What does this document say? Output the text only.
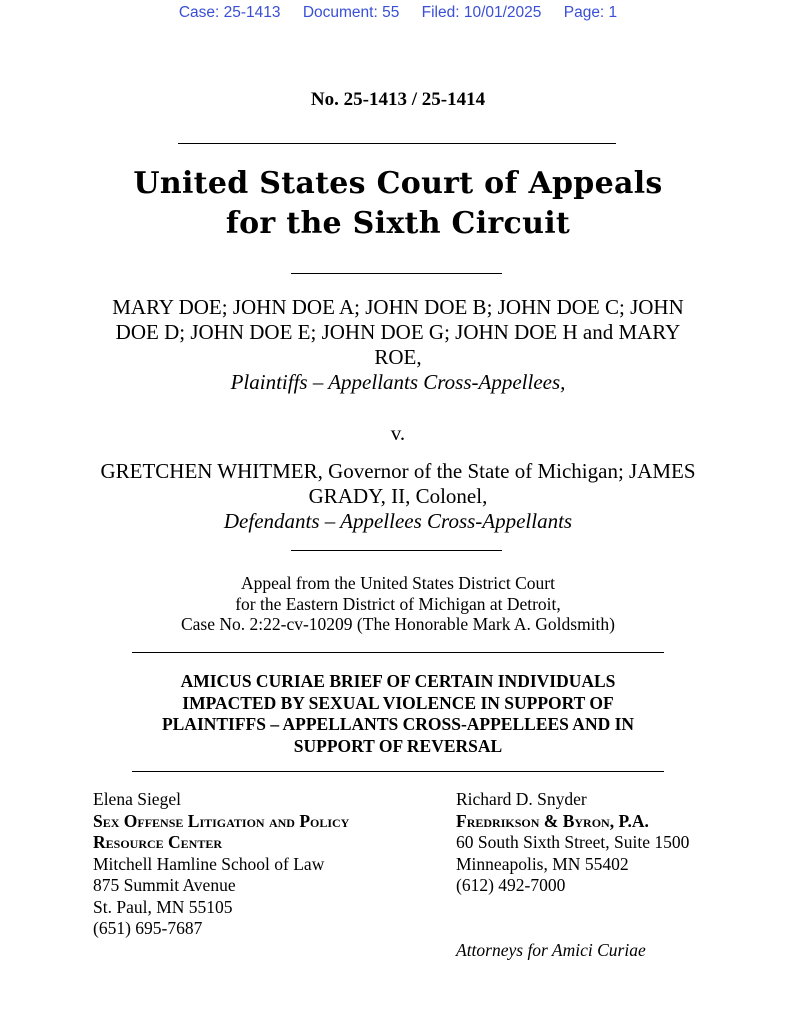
Case: 25-1413 Document: 55 Filed: 10/01/2025 Page: 1
No. 25-1413 / 25-1414
United States Court of Appeals
for the Sixth Circuit
MARY DOE; JOHN DOE A; JOHN DOE B; JOHN DOE C; JOHN
DOE D; JOHN DOE E; JOHN DOE G; JOHN DOE H and MARY
ROE,
Plaintiffs – Appellants Cross-Appellees,
v.
GRETCHEN WHITMER, Governor of the State of Michigan; JAMES
GRADY, II, Colonel,
Defendants – Appellees Cross-Appellants
Appeal from the United States District Court
for the Eastern District of Michigan at Detroit,
Case No. 2:22-cv-10209 (The Honorable Mark A. Goldsmith)
AMICUS CURIAE BRIEF OF CERTAIN INDIVIDUALS
IMPACTED BY SEXUAL VIOLENCE IN SUPPORT OF
PLAINTIFFS – APPELLANTS CROSS-APPELLEES AND IN
SUPPORT OF REVERSAL
Elena Siegel
Sex Offense Litigation and Policy
Resource Center
Mitchell Hamline School of Law
875 Summit Avenue
St. Paul, MN 55105
(651) 695-7687
Richard D. Snyder
Fredrikson & Byron, P.A.
60 South Sixth Street, Suite 1500
Minneapolis, MN 55402
(612) 492-7000
Attorneys for Amici Curiae
